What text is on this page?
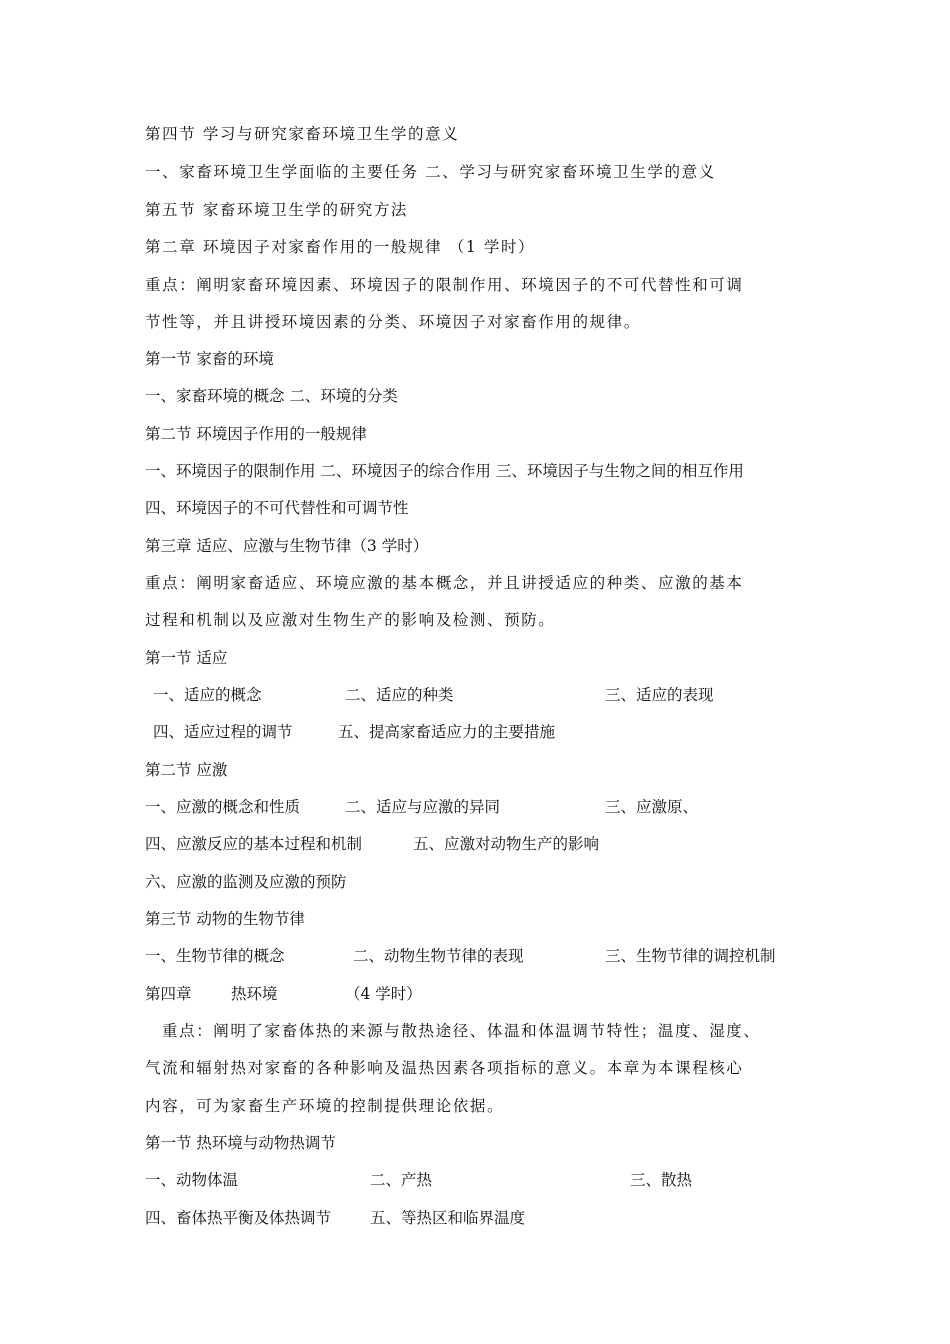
第四节 学习与研究家畜环境卫生学的意义
一、家畜环境卫生学面临的主要任务 二、学习与研究家畜环境卫生学的意义
第五节 家畜环境卫生学的研究方法
第二章 环境因子对家畜作用的一般规律 （1 学时）
重点：阐明家畜环境因素、环境因子的限制作用、环境因子的不可代替性和可调
节性等，并且讲授环境因素的分类、环境因子对家畜作用的规律。
第一节 家畜的环境
一、家畜环境的概念 二、环境的分类
第二节 环境因子作用的一般规律
一、环境因子的限制作用 二、环境因子的综合作用 三、环境因子与生物之间的相互作用
四、环境因子的不可代替性和可调节性
第三章 适应、应激与生物节律（3 学时）
重点：阐明家畜适应、环境应激的基本概念，并且讲授适应的种类、应激的基本
过程和机制以及应激对生物生产的影响及检测、预防。
第一节 适应
一、适应的概念	二、适应的种类	三、适应的表现
四、适应过程的调节	五、提高家畜适应力的主要措施
第二节 应激
一、应激的概念和性质	二、适应与应激的异同	三、应激原、
四、应激反应的基本过程和机制	五、应激对动物生产的影响
六、应激的监测及应激的预防
第三节 动物的生物节律
一、生物节律的概念	二、动物生物节律的表现	三、生物节律的调控机制
第四章	热环境	（4 学时）
重点：阐明了家畜体热的来源与散热途径、体温和体温调节特性；温度、湿度、
气流和辐射热对家畜的各种影响及温热因素各项指标的意义。本章为本课程核心
内容，可为家畜生产环境的控制提供理论依据。
第一节 热环境与动物热调节
一、动物体温	二、产热	三、散热
四、畜体热平衡及体热调节	五、等热区和临界温度
